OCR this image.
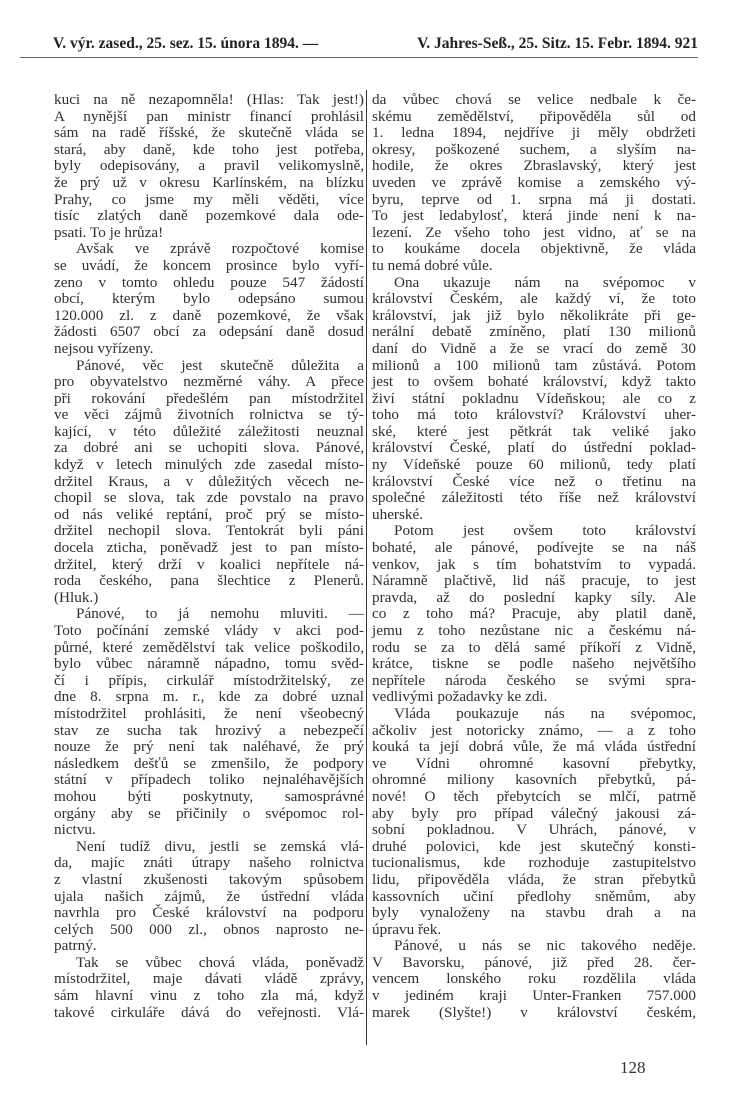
V. výr. zased., 25. sez. 15. února 1894. —	V. Jahres-Seß., 25. Sitz. 15. Febr. 1894. 921
kuci na ně nezapomněla! (Hlas: Tak jest!)
A nynější pan ministr financí prohlásil
sám na radě říšské, že skutečně vláda se
stará, aby daně, kde toho jest potřeba,
byly odepisovány, a pravil velikomyslně,
že prý už v okresu Karlínském, na blízku
Prahy, co jsme my měli věděti, více
tisíc zlatých daně pozemkové dala ode-
psati. To je hrůza!
Avšak ve zprávě rozpočtové komise
se uvádí, že koncem prosince bylo vyří-
zeno v tomto ohledu pouze 547 žádostí
obcí, kterým bylo odepsáno sumou
120.000 zl. z daně pozemkové, že však
žádosti 6507 obcí za odepsání daně dosud
nejsou vyřízeny.
Pánové, věc jest skutečně důležita a
pro obyvatelstvo nezměrné váhy. A přece
při rokování předešlém pan místodržitel
ve věci zájmů životních rolnictva se tý-
kající, v této důležité záležitosti neuznal
za dobré ani se uchopiti slova. Pánové,
když v letech minulých zde zasedal místo-
držitel Kraus, a v důležitých věcech ne-
chopil se slova, tak zde povstalo na pravo
od nás veliké reptání, proč prý se místo-
držitel nechopil slova. Tentokrát byli páni
docela zticha, poněvadž jest to pan místo-
držitel, který drží v koalici nepřítele ná-
roda českého, pana šlechtice z Plenerů.
(Hluk.)
Pánové, to já nemohu mluviti. —
Toto počínání zemské vlády v akci pod-
půrné, které zemědělství tak velice poškodilo,
bylo vůbec náramně nápadno, tomu svěd-
čí i přípis, cirkulář místodržitelský, ze
dne 8. srpna m. r., kde za dobré uznal
místodržitel prohlásiti, že není všeobecný
stav ze sucha tak hrozivý a nebezpečí
nouze že prý není tak naléhavé, že prý
následkem dešťů se zmenšilo, že podpory
státní v případech toliko nejnaléhavějších
mohou býti poskytnuty, samosprávné
orgány aby se přičinily o svépomoc rol-
nictvu.
Není tudíž divu, jestli se zemská vlá-
da, majíc znáti útrapy našeho rolnictva
z vlastní zkušenosti takovým spůsobem
ujala našich zájmů, že ústřední vláda
navrhla pro České království na podporu
celých 500 000 zl., obnos naprosto ne-
patrný.
Tak se vůbec chová vláda, poněvadž
místodržitel, maje dávati vládě zprávy,
sám hlavní vinu z toho zla má, když
takové cirkuláře dává do veřejnosti. Vlá-
da vůbec chová se velice nedbale k če-
skému zemědělství, připověděla sůl od
1. ledna 1894, nejdříve ji měly obdržeti
okresy, poškozené suchem, a slyším na-
hodile, že okres Zbraslavský, který jest
uveden ve zprávě komise a zemského vý-
byru, teprve od 1. srpna má ji dostati.
To jest ledabylosť, která jinde není k na-
lezení. Ze všeho toho jest vidno, ať se na
to koukáme docela objektivně, že vláda
tu nemá dobré vůle.
Ona ukazuje nám na svépomoc v
království Českém, ale každý ví, že toto
království, jak již bylo několikráte při ge-
nerální debatě zmíněno, platí 130 milionů
daní do Vidně a že se vrací do země 30
milionů a 100 milionů tam zůstává. Potom
jest to ovšem bohaté království, když takto
živí státní pokladnu Vídeňskou; ale co z
toho má toto království? Království uher-
ské, které jest pětkrát tak veliké jako
království České, platí do ústřední poklad-
ny Vídeňské pouze 60 milionů, tedy platí
království České více než o třetinu na
společné záležitosti této říše než království
uherské.
Potom jest ovšem toto království
bohaté, ale pánové, podívejte se na náš
venkov, jak s tím bohatstvím to vypadá.
Náramně plačtivě, lid náš pracuje, to jest
pravda, až do poslední kapky síly. Ale
co z toho má? Pracuje, aby platil daně,
jemu z toho nezůstane nic a českému ná-
rodu se za to dělá samé příkoří z Vidně,
krátce, tiskne se podle našeho největšího
nepřítele národa českého se svými spra-
vedlivými požadavky ke zdi.
Vláda poukazuje nás na svépomoc,
ačkoliv jest notoricky známo, — a z toho
kouká ta její dobrá vůle, že má vláda ústřední
ve Vídni ohromné kasovní přebytky,
ohromné miliony kasovních přebytků, pá-
nové! O těch přebytcích se mlčí, patrně
aby byly pro případ válečný jakousi zá-
sobní pokladnou. V Uhrách, pánové, v
druhé polovici, kde jest skutečný konsti-
tucionalismus, kde rozhoduje zastupitelstvo
lidu, připověděla vláda, že stran přebytků
kassovních učiní předlohy sněmům, aby
byly vynaloženy na stavbu drah a na
úpravu řek.
Pánové, u nás se nic takového neděje.
V Bavorsku, pánové, již před 28. čer-
vencem lonského roku rozdělila vláda
v jediném kraji Unter-Franken 757.000
marek (Slyšte!) v království českém,
128
